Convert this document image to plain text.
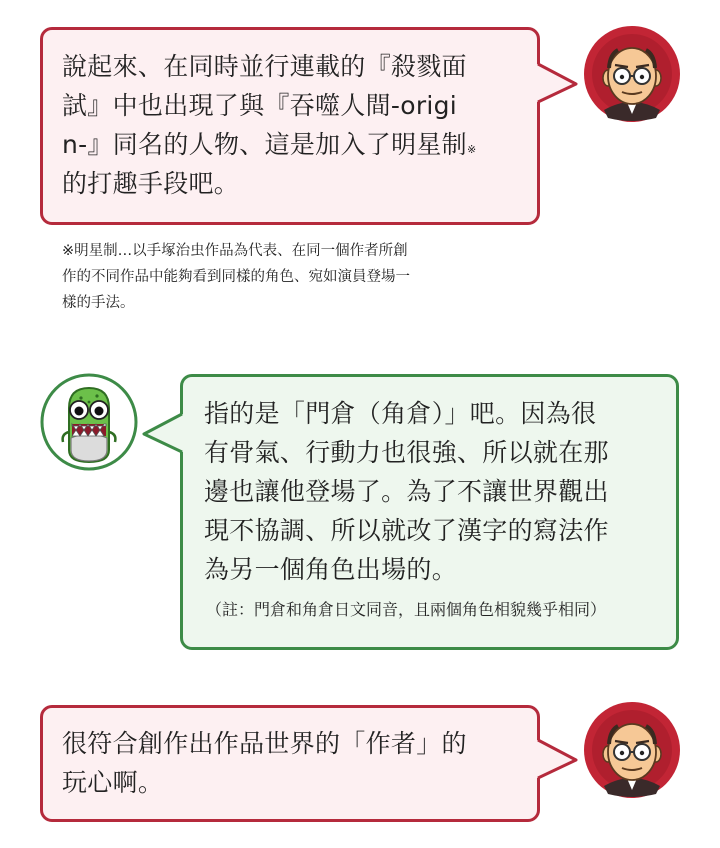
說起來、在同時並行連載的『殺戮面
試』中也出現了與『吞噬人間-origi
n-』同名的人物、這是加入了明星制※
的打趣手段吧。
※明星制…以手塚治虫作品為代表、在同一個作者所創
作的不同作品中能夠看到同樣的角色、宛如演員登場一
樣的手法。
指的是「門倉（角倉）」吧。因為很
有骨氣、行動力也很強、所以就在那
邊也讓他登場了。為了不讓世界觀出
現不協調、所以就改了漢字的寫法作
為另一個角色出場的。
（註：門倉和角倉日文同音，且兩個角色相貌幾乎相同）
很符合創作出作品世界的「作者」的
玩心啊。
